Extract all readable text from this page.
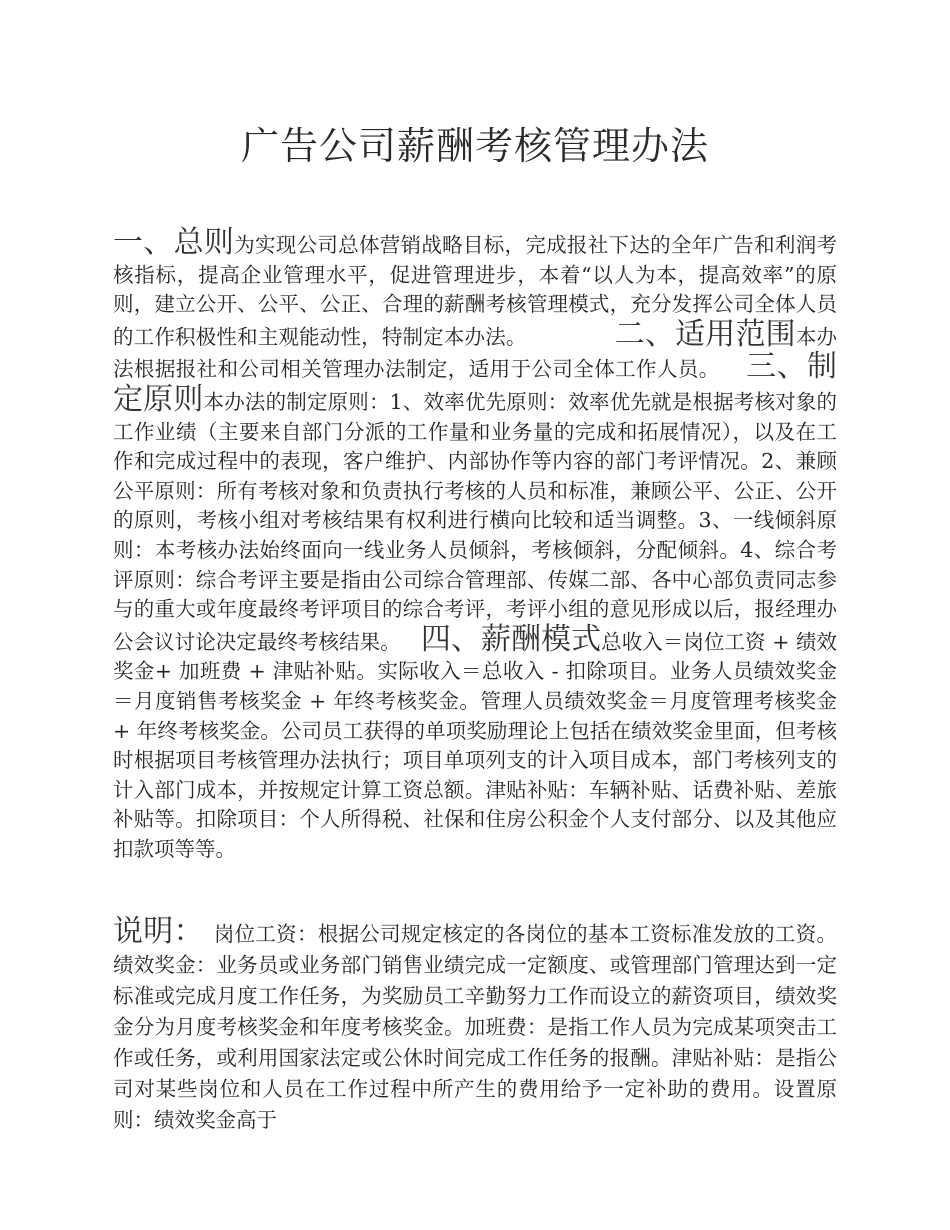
广告公司薪酬考核管理办法

一、总则为实现公司总体营销战略目标，完成报社下达的全年广告和利润考核指标，提高企业管理水平，促进管理进步，本着“以人为本，提高效率”的原则，建立公开、公平、公正、合理的薪酬考核管理模式，充分发挥公司全体人员的工作积极性和主观能动性，特制定本办法。	二、适用范围本办法根据报社和公司相关管理办法制定，适用于公司全体工作人员。 三、制定原则本办法的制定原则：1、效率优先原则：效率优先就是根据考核对象的工作业绩（主要来自部门分派的工作量和业务量的完成和拓展情况），以及在工作和完成过程中的表现，客户维护、内部协作等内容的部门考评情况。2、兼顾公平原则：所有考核对象和负责执行考核的人员和标准，兼顾公平、公正、公开的原则，考核小组对考核结果有权利进行横向比较和适当调整。3、一线倾斜原则：本考核办法始终面向一线业务人员倾斜，考核倾斜，分配倾斜。4、综合考评原则：综合考评主要是指由公司综合管理部、传媒二部、各中心部负责同志参与的重大或年度最终考评项目的综合考评，考评小组的意见形成以后，报经理办公会议讨论决定最终考核结果。 四、薪酬模式总收入＝岗位工资 + 绩效奖金+ 加班费 + 津贴补贴。实际收入＝总收入 - 扣除项目。业务人员绩效奖金＝月度销售考核奖金 + 年终考核奖金。管理人员绩效奖金＝月度管理考核奖金 + 年终考核奖金。公司员工获得的单项奖励理论上包括在绩效奖金里面，但考核时根据项目考核管理办法执行；项目单项列支的计入项目成本，部门考核列支的计入部门成本，并按规定计算工资总额。津贴补贴：车辆补贴、话费补贴、差旅补贴等。扣除项目：个人所得税、社保和住房公积金个人支付部分、以及其他应扣款项等等。

说明： 岗位工资：根据公司规定核定的各岗位的基本工资标准发放的工资。绩效奖金：业务员或业务部门销售业绩完成一定额度、或管理部门管理达到一定标准或完成月度工作任务，为奖励员工辛勤努力工作而设立的薪资项目，绩效奖金分为月度考核奖金和年度考核奖金。加班费：是指工作人员为完成某项突击工作或任务，或利用国家法定或公休时间完成工作任务的报酬。津贴补贴：是指公司对某些岗位和人员在工作过程中所产生的费用给予一定补助的费用。设置原则：绩效奖金高于
